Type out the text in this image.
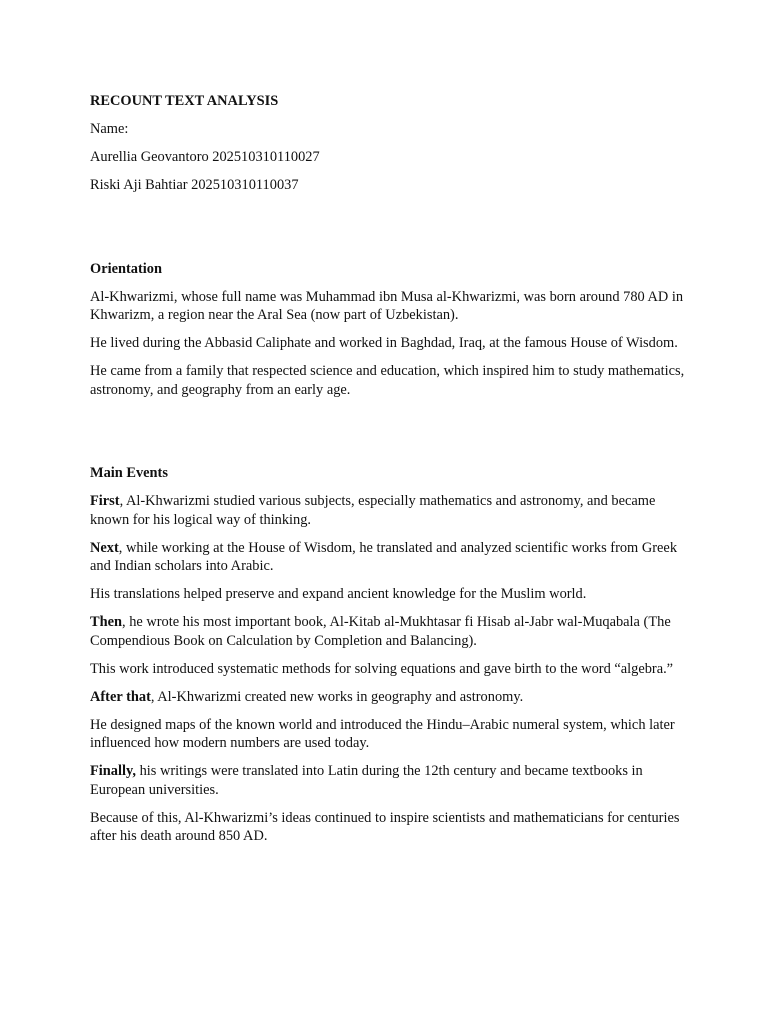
RECOUNT TEXT ANALYSIS

Name:

Aurellia Geovantoro 202510310110027

Riski Aji Bahtiar 202510310110037

Orientation

Al-Khwarizmi, whose full name was Muhammad ibn Musa al-Khwarizmi, was born around 780 AD in Khwarizm, a region near the Aral Sea (now part of Uzbekistan).

He lived during the Abbasid Caliphate and worked in Baghdad, Iraq, at the famous House of Wisdom.

He came from a family that respected science and education, which inspired him to study mathematics, astronomy, and geography from an early age.

Main Events

First, Al-Khwarizmi studied various subjects, especially mathematics and astronomy, and became known for his logical way of thinking.

Next, while working at the House of Wisdom, he translated and analyzed scientific works from Greek and Indian scholars into Arabic.

His translations helped preserve and expand ancient knowledge for the Muslim world.

Then, he wrote his most important book, Al-Kitab al-Mukhtasar fi Hisab al-Jabr wal-Muqabala (The Compendious Book on Calculation by Completion and Balancing).

This work introduced systematic methods for solving equations and gave birth to the word “algebra.”

After that, Al-Khwarizmi created new works in geography and astronomy.

He designed maps of the known world and introduced the Hindu–Arabic numeral system, which later influenced how modern numbers are used today.

Finally, his writings were translated into Latin during the 12th century and became textbooks in European universities.

Because of this, Al-Khwarizmi’s ideas continued to inspire scientists and mathematicians for centuries after his death around 850 AD.
